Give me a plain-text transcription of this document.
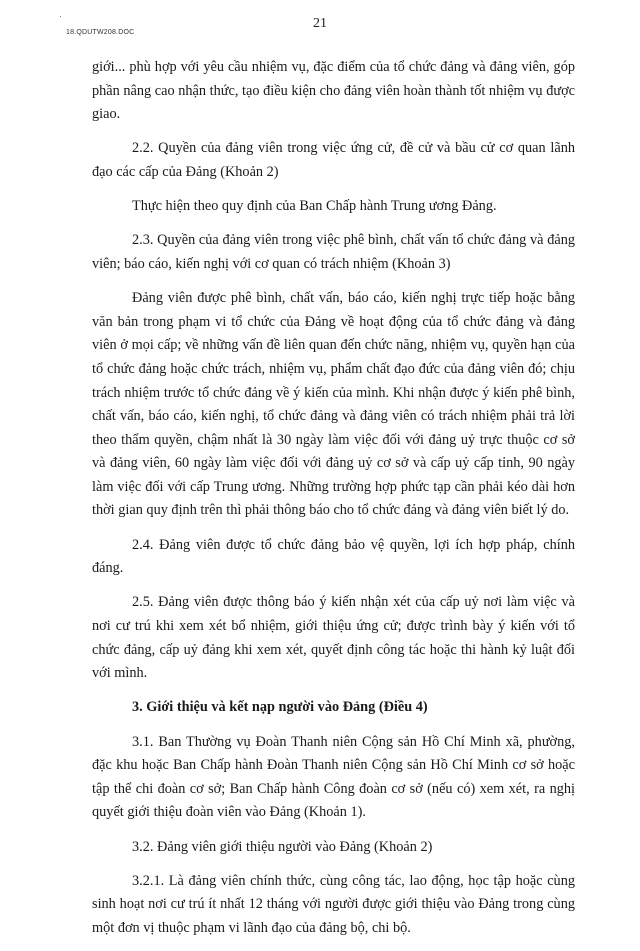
21
18.QDUTW208.DOC

giới... phù hợp với yêu cầu nhiệm vụ, đặc điểm của tổ chức đảng và đảng viên, góp phần nâng cao nhận thức, tạo điều kiện cho đảng viên hoàn thành tốt nhiệm vụ được giao.

2.2. Quyền của đảng viên trong việc ứng cử, đề cử và bầu cử cơ quan lãnh đạo các cấp của Đảng (Khoản 2)

Thực hiện theo quy định của Ban Chấp hành Trung ương Đảng.

2.3. Quyền của đảng viên trong việc phê bình, chất vấn tổ chức đảng và đảng viên; báo cáo, kiến nghị với cơ quan có trách nhiệm (Khoản 3)

Đảng viên được phê bình, chất vấn, báo cáo, kiến nghị trực tiếp hoặc bằng văn bản trong phạm vi tổ chức của Đảng về hoạt động của tổ chức đảng và đảng viên ở mọi cấp; về những vấn đề liên quan đến chức năng, nhiệm vụ, quyền hạn của tổ chức đảng hoặc chức trách, nhiệm vụ, phẩm chất đạo đức của đảng viên đó; chịu trách nhiệm trước tổ chức đảng về ý kiến của mình. Khi nhận được ý kiến phê bình, chất vấn, báo cáo, kiến nghị, tổ chức đảng và đảng viên có trách nhiệm phải trả lời theo thẩm quyền, chậm nhất là 30 ngày làm việc đối với đảng uỷ trực thuộc cơ sở và đảng viên, 60 ngày làm việc đối với đảng uỷ cơ sở và cấp uỷ cấp tỉnh, 90 ngày làm việc đối với cấp Trung ương. Những trường hợp phức tạp cần phải kéo dài hơn thời gian quy định trên thì phải thông báo cho tổ chức đảng và đảng viên biết lý do.

2.4. Đảng viên được tổ chức đảng bảo vệ quyền, lợi ích hợp pháp, chính đáng.

2.5. Đảng viên được thông báo ý kiến nhận xét của cấp uỷ nơi làm việc và nơi cư trú khi xem xét bổ nhiệm, giới thiệu ứng cử; được trình bày ý kiến với tổ chức đảng, cấp uỷ đảng khi xem xét, quyết định công tác hoặc thi hành kỷ luật đối với mình.

3. Giới thiệu và kết nạp người vào Đảng (Điều 4)

3.1. Ban Thường vụ Đoàn Thanh niên Cộng sản Hồ Chí Minh xã, phường, đặc khu hoặc Ban Chấp hành Đoàn Thanh niên Cộng sản Hồ Chí Minh cơ sở hoặc tập thể chi đoàn cơ sở; Ban Chấp hành Công đoàn cơ sở (nếu có) xem xét, ra nghị quyết giới thiệu đoàn viên vào Đảng (Khoản 1).

3.2. Đảng viên giới thiệu người vào Đảng (Khoản 2)

3.2.1. Là đảng viên chính thức, cùng công tác, lao động, học tập hoặc cùng sinh hoạt nơi cư trú ít nhất 12 tháng với người được giới thiệu vào Đảng trong cùng một đơn vị thuộc phạm vi lãnh đạo của đảng bộ, chi bộ.
